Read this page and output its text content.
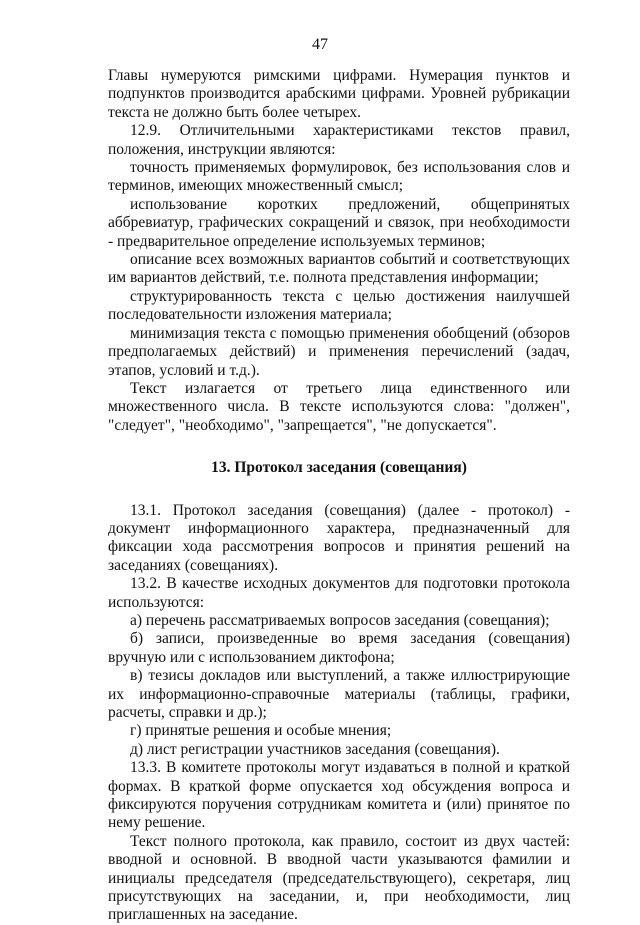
47

Главы нумеруются римскими цифрами. Нумерация пунктов и подпунктов производится арабскими цифрами. Уровней рубрикации текста не должно быть более четырех.

12.9. Отличительными характеристиками текстов правил, положения, инструкции являются:

точность применяемых формулировок, без использования слов и терминов, имеющих множественный смысл;

использование коротких предложений, общепринятых аббревиатур, графических сокращений и связок, при необходимости - предварительное определение используемых терминов;

описание всех возможных вариантов событий и соответствующих им вариантов действий, т.е. полнота представления информации;

структурированность текста с целью достижения наилучшей последовательности изложения материала;

минимизация текста с помощью применения обобщений (обзоров предполагаемых действий) и применения перечислений (задач, этапов, условий и т.д.).

Текст излагается от третьего лица единственного или множественного числа. В тексте используются слова: "должен", "следует", "необходимо", "запрещается", "не допускается".

13. Протокол заседания (совещания)

13.1. Протокол заседания (совещания) (далее - протокол) - документ информационного характера, предназначенный для фиксации хода рассмотрения вопросов и принятия решений на заседаниях (совещаниях).

13.2. В качестве исходных документов для подготовки протокола используются:

а) перечень рассматриваемых вопросов заседания (совещания);

б) записи, произведенные во время заседания (совещания) вручную или с использованием диктофона;

в) тезисы докладов или выступлений, а также иллюстрирующие их информационно-справочные материалы (таблицы, графики, расчеты, справки и др.);

г) принятые решения и особые мнения;

д) лист регистрации участников заседания (совещания).

13.3. В комитете протоколы могут издаваться в полной и краткой формах. В краткой форме опускается ход обсуждения вопроса и фиксируются поручения сотрудникам комитета и (или) принятое по нему решение.

Текст полного протокола, как правило, состоит из двух частей: вводной и основной. В вводной части указываются фамилии и инициалы председателя (председательствующего), секретаря, лиц присутствующих на заседании, и, при необходимости, лиц приглашенных на заседание.
